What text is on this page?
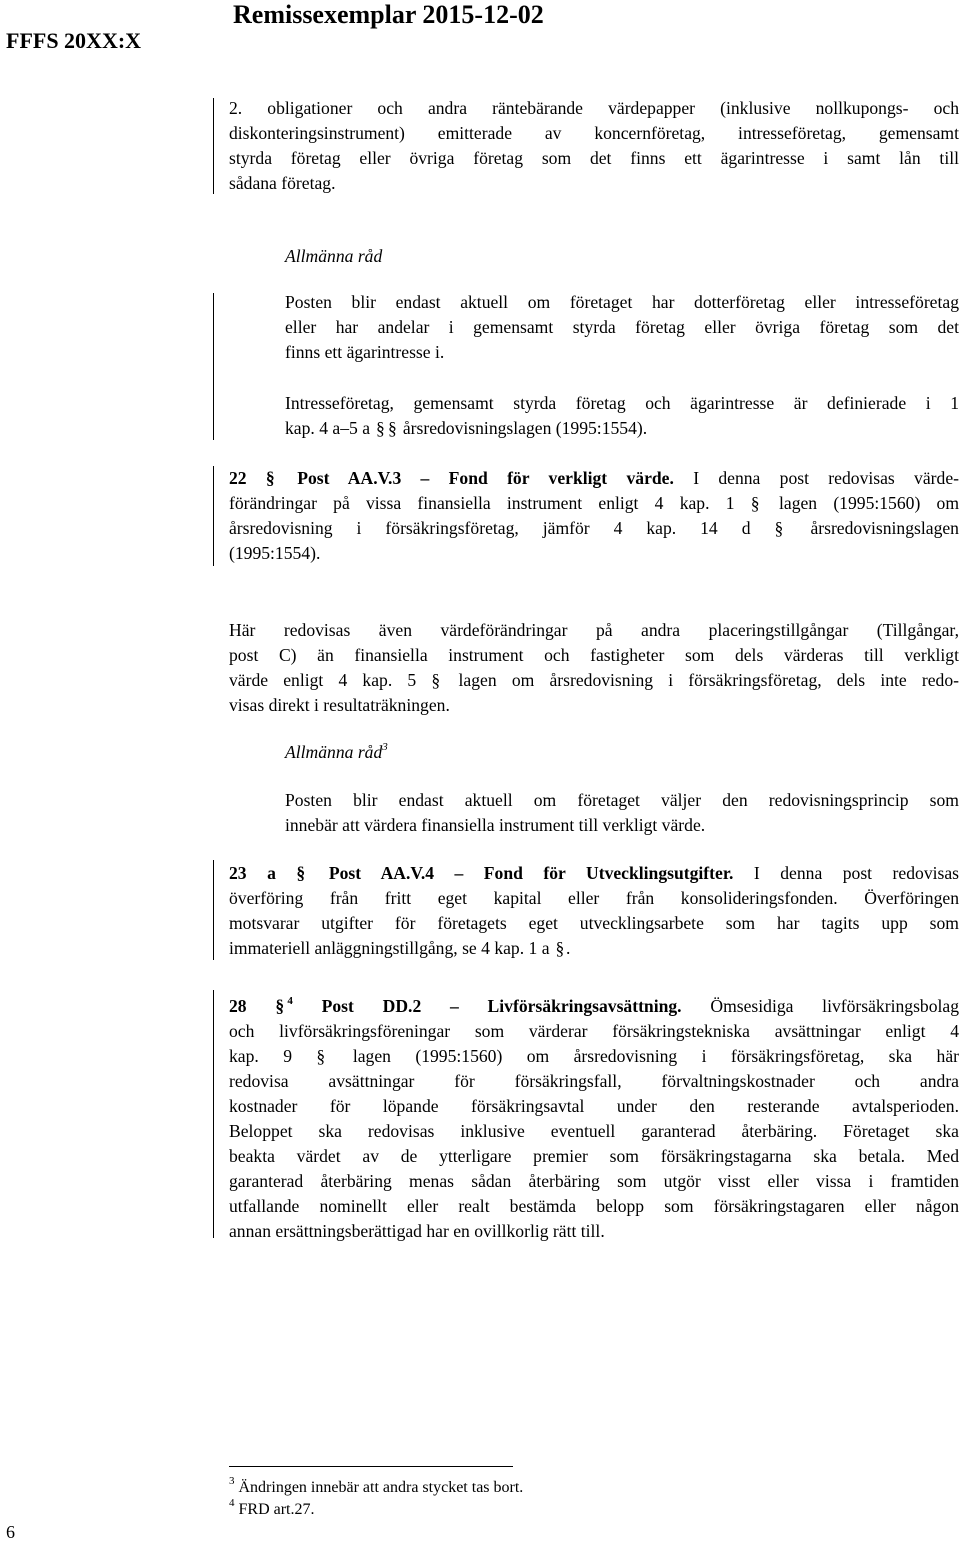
FFFS 20XX:X
Remissexemplar 2015-12-02
2. obligationer och andra räntebärande värdepapper (inklusive nollkupongs- och
diskonteringsinstrument) emitterade av koncernföretag, intresseföretag, gemensamt
styrda företag eller övriga företag som det finns ett ägarintresse i samt lån till
sådana företag.
Allmänna råd
Posten blir endast aktuell om företaget har dotterföretag eller intresseföretag
eller har andelar i gemensamt styrda företag eller övriga företag som det
finns ett ägarintresse i.
Intresseföretag, gemensamt styrda företag och ägarintresse är definierade i 1
kap. 4 a–5 a § § årsredovisningslagen (1995:1554).
22 § Post AA.V.3 – Fond för verkligt värde. I denna post redovisas värde-
förändringar på vissa finansiella instrument enligt 4 kap. 1 § lagen (1995:1560) om
årsredovisning i försäkringsföretag, jämför 4 kap. 14 d § årsredovisningslagen
(1995:1554).
Här redovisas även värdeförändringar på andra placeringstillgångar (Tillgångar,
post C) än finansiella instrument och fastigheter som dels värderas till verkligt
värde enligt 4 kap. 5 § lagen om årsredovisning i försäkringsföretag, dels inte redo-
visas direkt i resultaträkningen.
Allmänna råd$^3$
Posten blir endast aktuell om företaget väljer den redovisningsprincip som
innebär att värdera finansiella instrument till verkligt värde.
23 a § Post AA.V.4 – Fond för Utvecklingsutgifter. I denna post redovisas
överföring från fritt eget kapital eller från konsolideringsfonden. Överföringen
motsvarar utgifter för företagets eget utvecklingsarbete som har tagits upp som
immateriell anläggningstillgång, se 4 kap. 1 a §.
28 § $^4$ Post DD.2 – Livförsäkringsavsättning. Ömsesidiga livförsäkringsbolag
och livförsäkringsföreningar som värderar försäkringstekniska avsättningar enligt 4
kap. 9 § lagen (1995:1560) om årsredovisning i försäkringsföretag, ska här
redovisa avsättningar för försäkringsfall, förvaltningskostnader och andra
kostnader för löpande försäkringsavtal under den resterande avtalsperioden.
Beloppet ska redovisas inklusive eventuell garanterad återbäring. Företaget ska
beakta värdet av de ytterligare premier som försäkringstagarna ska betala. Med
garanterad återbäring menas sådan återbäring som utgör visst eller vissa i framtiden
utfallande nominellt eller realt bestämda belopp som försäkringstagaren eller någon
annan ersättningsberättigad har en ovillkorlig rätt till.
$^3$ Ändringen innebär att andra stycket tas bort.
$^4$ FRD art.27.
6
